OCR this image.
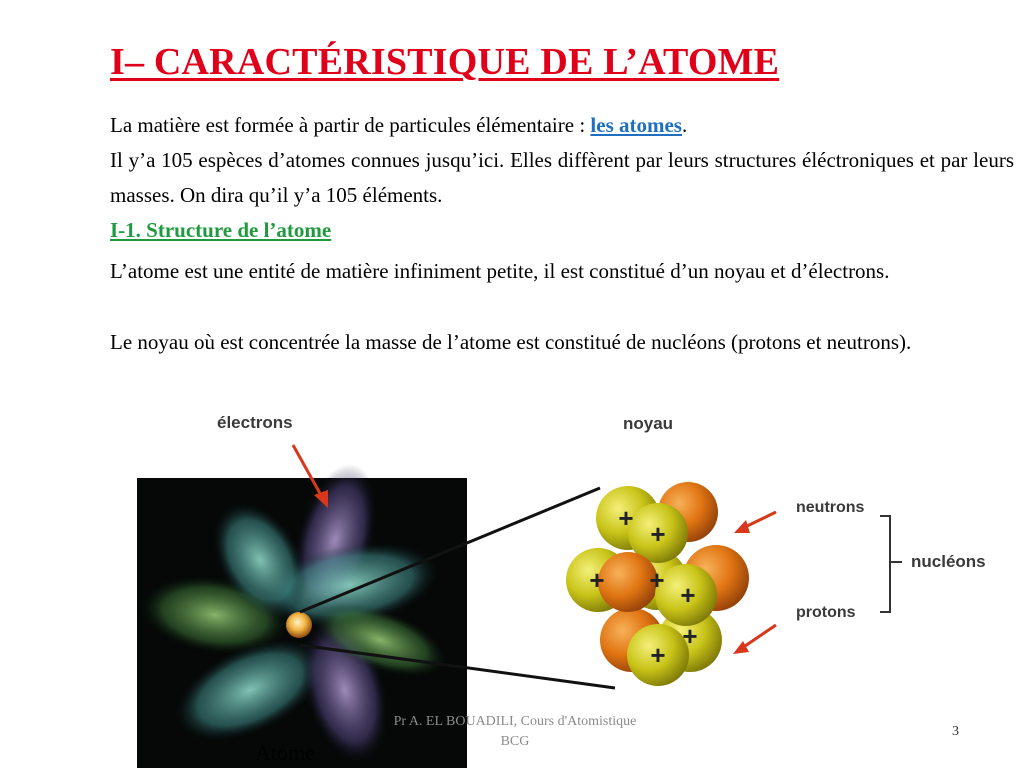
I– CARACTÉRISTIQUE DE L’ATOME
La matière est formée à partir de particules élémentaire : les atomes.
Il y’a 105 espèces d’atomes connues jusqu’ici. Elles diffèrent par leurs structures éléctroniques et par leurs masses. On dira qu’il y’a 105 éléments.
I-1. Structure de l’atome
L’atome est une entité de matière infiniment petite, il est constitué d’un noyau et d’électrons.
Le noyau où est concentrée la masse de l’atome est constitué de nucléons (protons et neutrons).
+
+
+ + +
+
+
électrons	noyau
neutrons
protons
nucléons
Atome
Pr A. EL BOUADILI, Cours d'Atomistique
BCG
3
